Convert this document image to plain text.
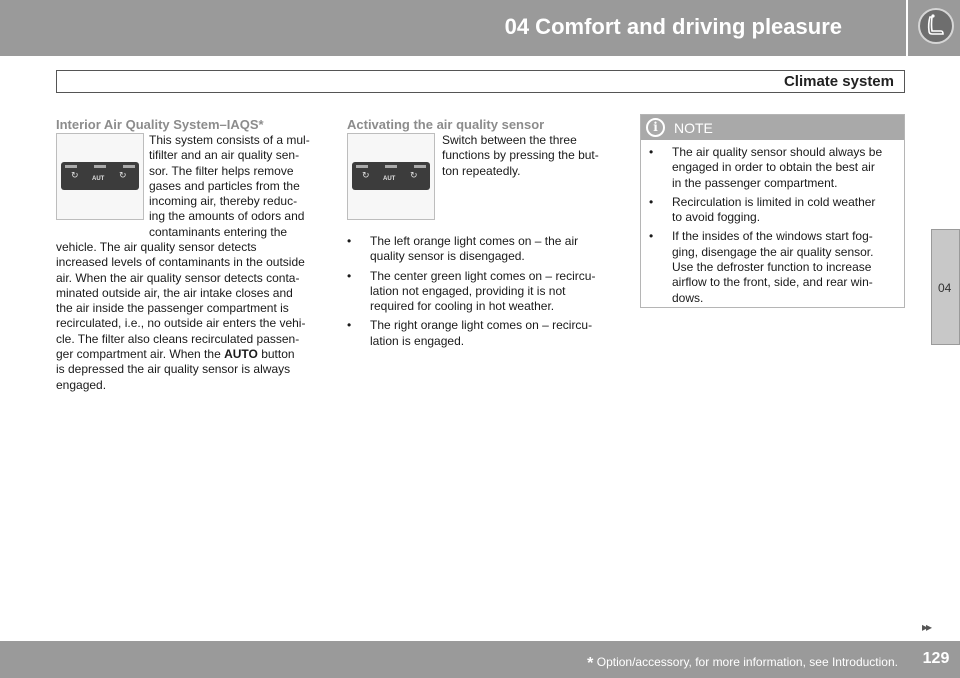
04 Comfort and driving pleasure
Climate system
04
Interior Air Quality System–IAQS*
↻ AUT ↻
This system consists of a mul-
tifilter and an air quality sen-
sor. The filter helps remove
gases and particles from the
incoming air, thereby reduc-
ing the amounts of odors and
contaminants entering the
vehicle. The air quality sensor detects
increased levels of contaminants in the outside
air. When the air quality sensor detects conta-
minated outside air, the air intake closes and
the air inside the passenger compartment is
recirculated, i.e., no outside air enters the vehi-
cle. The filter also cleans recirculated passen-
ger compartment air. When the AUTO button
is depressed the air quality sensor is always
engaged.
Activating the air quality sensor
↻ AUT ↻
Switch between the three
functions by pressing the but-
ton repeatedly.
• The left orange light comes on – the air
quality sensor is disengaged.
• The center green light comes on – recircu-
lation not engaged, providing it is not
required for cooling in hot weather.
• The right orange light comes on – recircu-
lation is engaged.
i	NOTE
• The air quality sensor should always be
engaged in order to obtain the best air
in the passenger compartment.
• Recirculation is limited in cold weather
to avoid fogging.
• If the insides of the windows start fog-
ging, disengage the air quality sensor.
Use the defroster function to increase
airflow to the front, side, and rear win-
dows.
▸▸
* Option/accessory, for more information, see Introduction.	129
